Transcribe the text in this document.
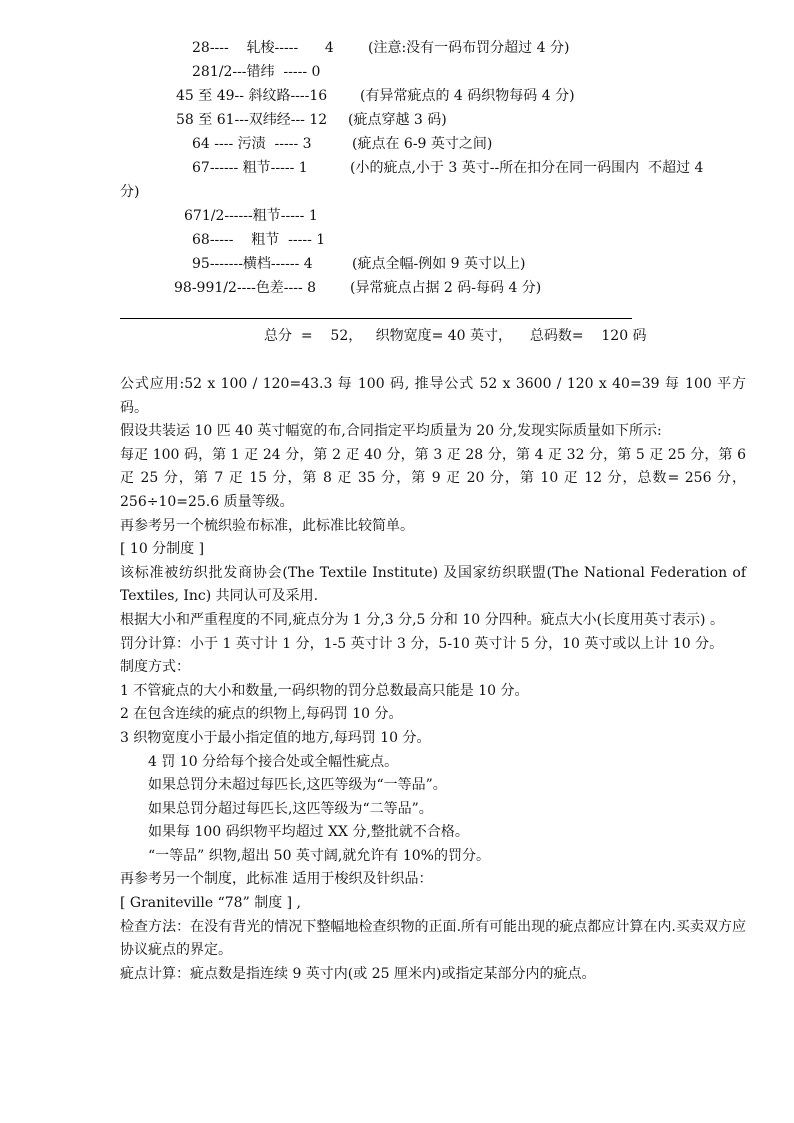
28----    轧梭-----      4 (注意:没有一码布罚分超过 4 分)
281/2---错纬  ----- 0
45 至 49-- 斜纹路----16 (有异常疵点的 4 码织物每码 4 分)
58 至 61---双纬经--- 12 (疵点穿越 3 码)
64 ---- 污渍  ----- 3	(疵点在 6-9 英寸之间)
67------ 粗节----- 1	(小的疵点,小于 3 英寸--所在扣分在同一码围内  不超过 4
分)
671/2------粗节----- 1
68-----    粗节  ----- 1
95-------横档------ 4	(疵点全幅-例如 9 英寸以上)
98-991/2----色差---- 8 (异常疵点占据 2 码-每码 4 分)
总分  =    52，   织物宽度= 40 英寸，    总码数=    120 码

公式应用:52 x 100 / 120=43.3 每 100 码, 推导公式 52 x 3600 / 120 x 40=39 每 100 平方码。

假设共装运 10 匹 40 英寸幅宽的布,合同指定平均质量为 20 分,发现实际质量如下所示:

每疋 100 码，第 1 疋 24 分，第 2 疋 40 分，第 3 疋 28 分，第 4 疋 32 分，第 5 疋 25 分，第 6 疋 25 分，第 7 疋 15 分，第 8 疋 35 分，第 9 疋 20 分，第 10 疋 12 分，总数= 256 分，256÷10=25.6 质量等级。

再参考另一个梳织验布标准，此标准比较简单。

[ 10 分制度 ]

该标准被纺织批发商协会(The Textile Institute) 及国家纺织联盟(The National Federation of Textiles, Inc) 共同认可及采用.

根据大小和严重程度的不同,疵点分为 1 分,3 分,5 分和 10 分四种。疵点大小(长度用英寸表示) 。

罚分计算：小于 1 英寸计 1 分，1-5 英寸计 3 分，5-10 英寸计 5 分，10 英寸或以上计 10 分。

制度方式：

1 不管疵点的大小和数量,一码织物的罚分总数最高只能是 10 分。

2 在包含连续的疵点的织物上,每码罚 10 分。

3 织物宽度小于最小指定值的地方,每玛罚 10 分。

4 罚 10 分给每个接合处或全幅性疵点。

如果总罚分未超过每匹长,这匹等级为“一等品”。

如果总罚分超过每匹长,这匹等级为“二等品”。

如果每 100 码织物平均超过 XX 分,整批就不合格。

“一等品” 织物,超出 50 英寸阔,就允许有 10%的罚分。

再参考另一个制度，此标准 适用于梭织及针织品：

[ Graniteville “78” 制度 ] ,

检查方法：在没有背光的情况下整幅地检查织物的正面.所有可能出现的疵点都应计算在内.买卖双方应协议疵点的界定。

疵点计算：疵点数是指连续 9 英寸内(或 25 厘米内)或指定某部分内的疵点。
